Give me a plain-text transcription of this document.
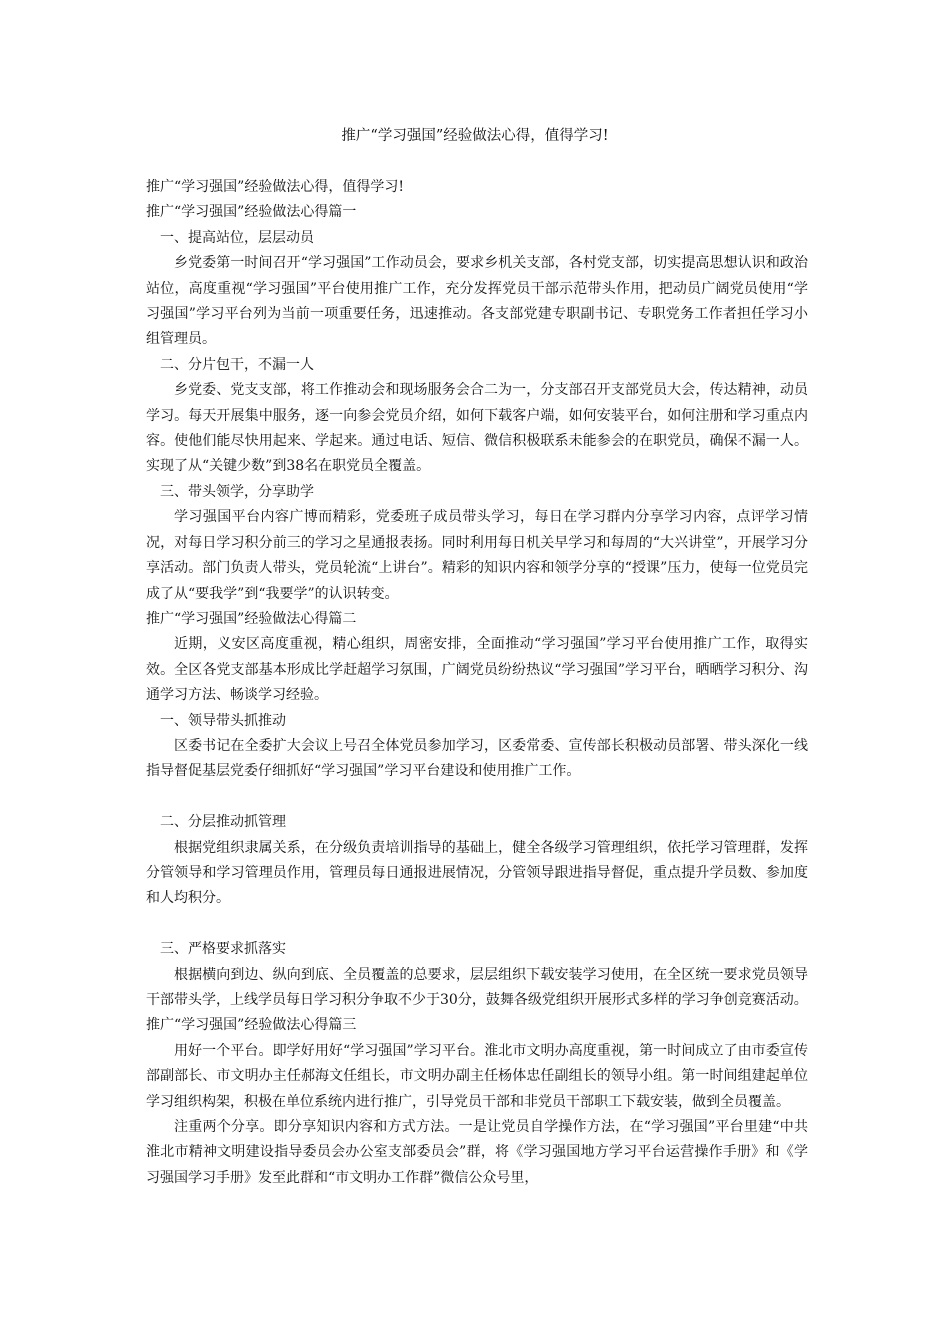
推广“学习强国”经验做法心得，值得学习!

推广“学习强国”经验做法心得，值得学习!

推广“学习强国”经验做法心得篇一

一、提高站位，层层动员

乡党委第一时间召开“学习强国”工作动员会，要求乡机关支部，各村党支部，切实提高思想认识和政治站位，高度重视“学习强国”平台使用推广工作，充分发挥党员干部示范带头作用，把动员广阔党员使用“学习强国”学习平台列为当前一项重要任务，迅速推动。各支部党建专职副书记、专职党务工作者担任学习小组管理员。

二、分片包干，不漏一人

乡党委、党支支部，将工作推动会和现场服务会合二为一，分支部召开支部党员大会，传达精神，动员学习。每天开展集中服务，逐一向参会党员介绍，如何下载客户端，如何安装平台，如何注册和学习重点内容。使他们能尽快用起来、学起来。通过电话、短信、微信积极联系未能参会的在职党员，确保不漏一人。实现了从“关键少数”到38名在职党员全覆盖。

三、带头领学，分享助学

学习强国平台内容广博而精彩，党委班子成员带头学习，每日在学习群内分享学习内容，点评学习情况，对每日学习积分前三的学习之星通报表扬。同时利用每日机关早学习和每周的“大兴讲堂”，开展学习分享活动。部门负责人带头，党员轮流“上讲台”。精彩的知识内容和领学分享的“授课”压力，使每一位党员完成了从“要我学”到“我要学”的认识转变。

推广“学习强国”经验做法心得篇二

近期，义安区高度重视，精心组织，周密安排，全面推动“学习强国”学习平台使用推广工作，取得实效。全区各党支部基本形成比学赶超学习氛围，广阔党员纷纷热议“学习强国”学习平台，晒晒学习积分、沟通学习方法、畅谈学习经验。

一、领导带头抓推动

区委书记在全委扩大会议上号召全体党员参加学习，区委常委、宣传部长积极动员部署、带头深化一线指导督促基层党委仔细抓好“学习强国”学习平台建设和使用推广工作。

二、分层推动抓管理

根据党组织隶属关系，在分级负责培训指导的基础上，健全各级学习管理组织，依托学习管理群，发挥分管领导和学习管理员作用，管理员每日通报进展情况，分管领导跟进指导督促，重点提升学员数、参加度和人均积分。

三、严格要求抓落实

根据横向到边、纵向到底、全员覆盖的总要求，层层组织下载安装学习使用，在全区统一要求党员领导干部带头学，上线学员每日学习积分争取不少于30分，鼓舞各级党组织开展形式多样的学习争创竞赛活动。

推广“学习强国”经验做法心得篇三

用好一个平台。即学好用好“学习强国”学习平台。淮北市文明办高度重视，第一时间成立了由市委宣传部副部长、市文明办主任郝海文任组长，市文明办副主任杨体忠任副组长的领导小组。第一时间组建起单位学习组织构架，积极在单位系统内进行推广，引导党员干部和非党员干部职工下载安装，做到全员覆盖。

注重两个分享。即分享知识内容和方式方法。一是让党员自学操作方法，在“学习强国”平台里建“中共淮北市精神文明建设指导委员会办公室支部委员会”群，将《学习强国地方学习平台运营操作手册》和《学习强国学习手册》发至此群和“市文明办工作群”微信公众号里，
